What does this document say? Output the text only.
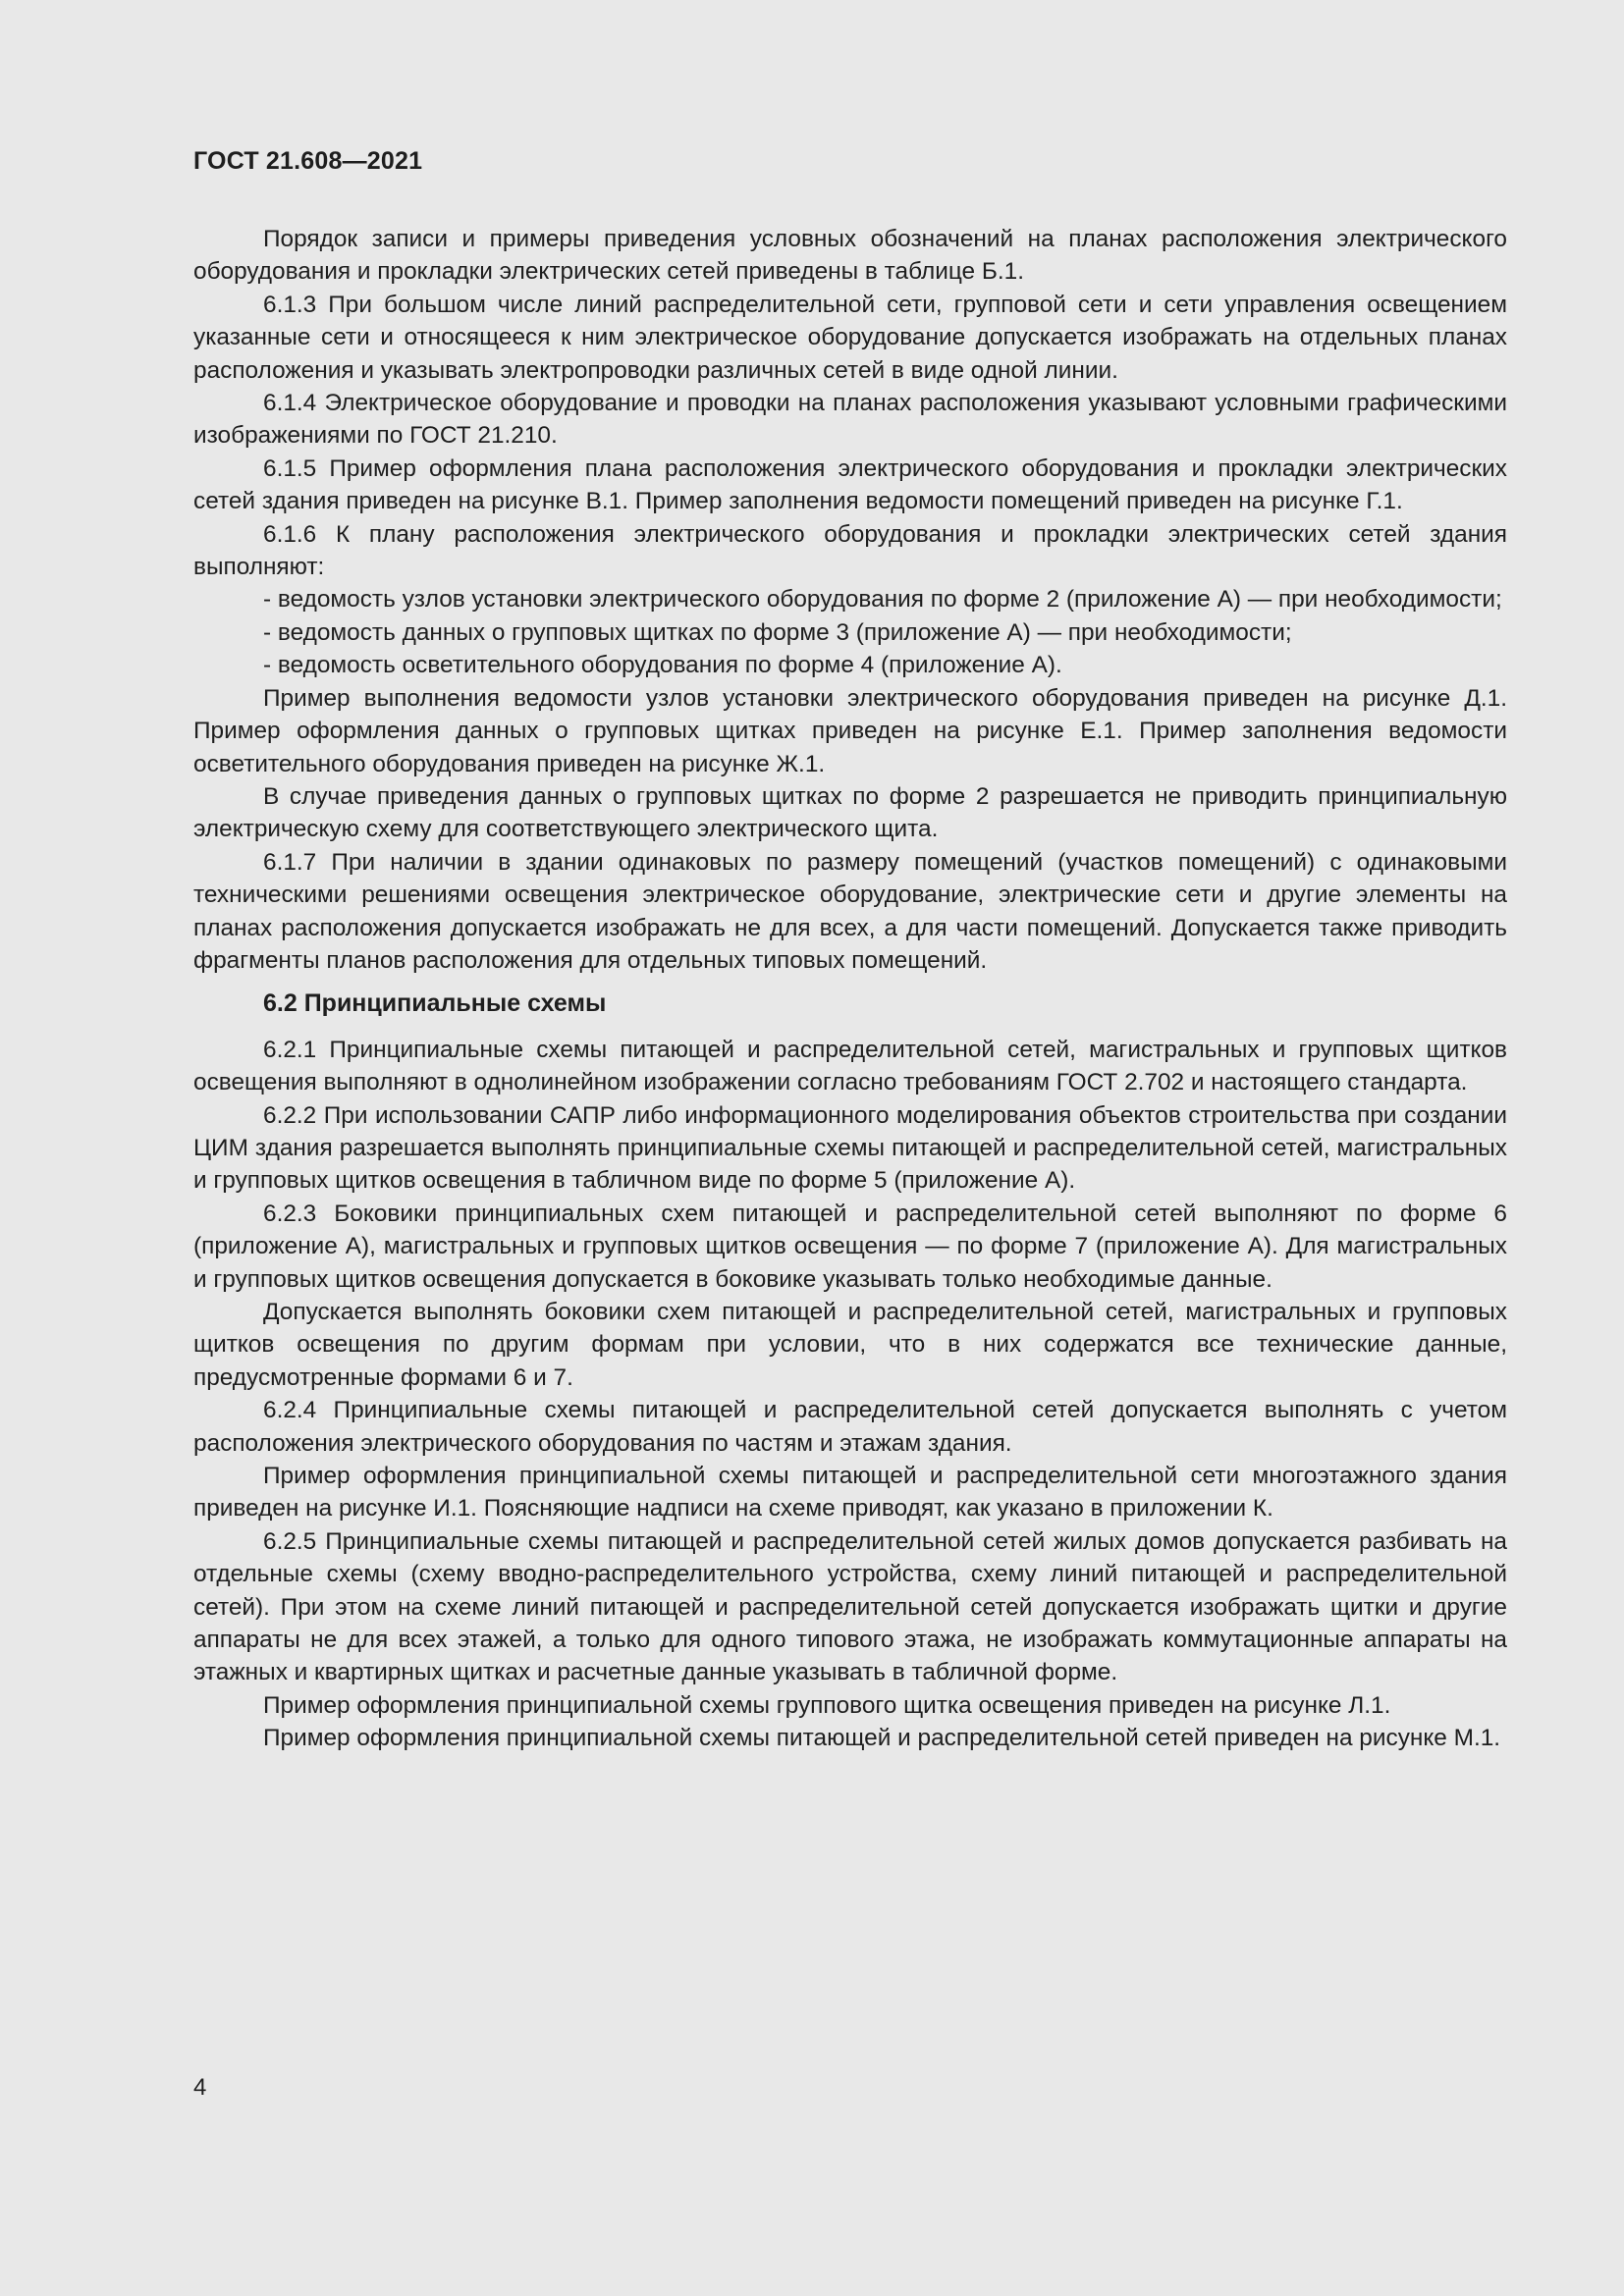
ГОСТ 21.608—2021

Порядок записи и примеры приведения условных обозначений на планах расположения электрического оборудования и прокладки электрических сетей приведены в таблице Б.1.

6.1.3 При большом числе линий распределительной сети, групповой сети и сети управления освещением указанные сети и относящееся к ним электрическое оборудование допускается изображать на отдельных планах расположения и указывать электропроводки различных сетей в виде одной линии.

6.1.4 Электрическое оборудование и проводки на планах расположения указывают условными графическими изображениями по ГОСТ 21.210.

6.1.5 Пример оформления плана расположения электрического оборудования и прокладки электрических сетей здания приведен на рисунке В.1. Пример заполнения ведомости помещений приведен на рисунке Г.1.

6.1.6 К плану расположения электрического оборудования и прокладки электрических сетей здания выполняют:

- ведомость узлов установки электрического оборудования по форме 2 (приложение А) — при необходимости;

- ведомость данных о групповых щитках по форме 3 (приложение А) — при необходимости;

- ведомость осветительного оборудования по форме 4 (приложение А).

Пример выполнения ведомости узлов установки электрического оборудования приведен на рисунке Д.1. Пример оформления данных о групповых щитках приведен на рисунке Е.1. Пример заполнения ведомости осветительного оборудования приведен на рисунке Ж.1.

В случае приведения данных о групповых щитках по форме 2 разрешается не приводить принципиальную электрическую схему для соответствующего электрического щита.

6.1.7 При наличии в здании одинаковых по размеру помещений (участков помещений) с одинаковыми техническими решениями освещения электрическое оборудование, электрические сети и другие элементы на планах расположения допускается изображать не для всех, а для части помещений. Допускается также приводить фрагменты планов расположения для отдельных типовых помещений.

6.2 Принципиальные схемы

6.2.1 Принципиальные схемы питающей и распределительной сетей, магистральных и групповых щитков освещения выполняют в однолинейном изображении согласно требованиям ГОСТ 2.702 и настоящего стандарта.

6.2.2 При использовании САПР либо информационного моделирования объектов строительства при создании ЦИМ здания разрешается выполнять принципиальные схемы питающей и распределительной сетей, магистральных и групповых щитков освещения в табличном виде по форме 5 (приложение А).

6.2.3 Боковики принципиальных схем питающей и распределительной сетей выполняют по форме 6 (приложение А), магистральных и групповых щитков освещения — по форме 7 (приложение А). Для магистральных и групповых щитков освещения допускается в боковике указывать только необходимые данные.

Допускается выполнять боковики схем питающей и распределительной сетей, магистральных и групповых щитков освещения по другим формам при условии, что в них содержатся все технические данные, предусмотренные формами 6 и 7.

6.2.4 Принципиальные схемы питающей и распределительной сетей допускается выполнять с учетом расположения электрического оборудования по частям и этажам здания.

Пример оформления принципиальной схемы питающей и распределительной сети многоэтажного здания приведен на рисунке И.1. Поясняющие надписи на схеме приводят, как указано в приложении К.

6.2.5 Принципиальные схемы питающей и распределительной сетей жилых домов допускается разбивать на отдельные схемы (схему вводно-распределительного устройства, схему линий питающей и распределительной сетей). При этом на схеме линий питающей и распределительной сетей допускается изображать щитки и другие аппараты не для всех этажей, а только для одного типового этажа, не изображать коммутационные аппараты на этажных и квартирных щитках и расчетные данные указывать в табличной форме.

Пример оформления принципиальной схемы группового щитка освещения приведен на рисунке Л.1.

Пример оформления принципиальной схемы питающей и распределительной сетей приведен на рисунке М.1.

4
